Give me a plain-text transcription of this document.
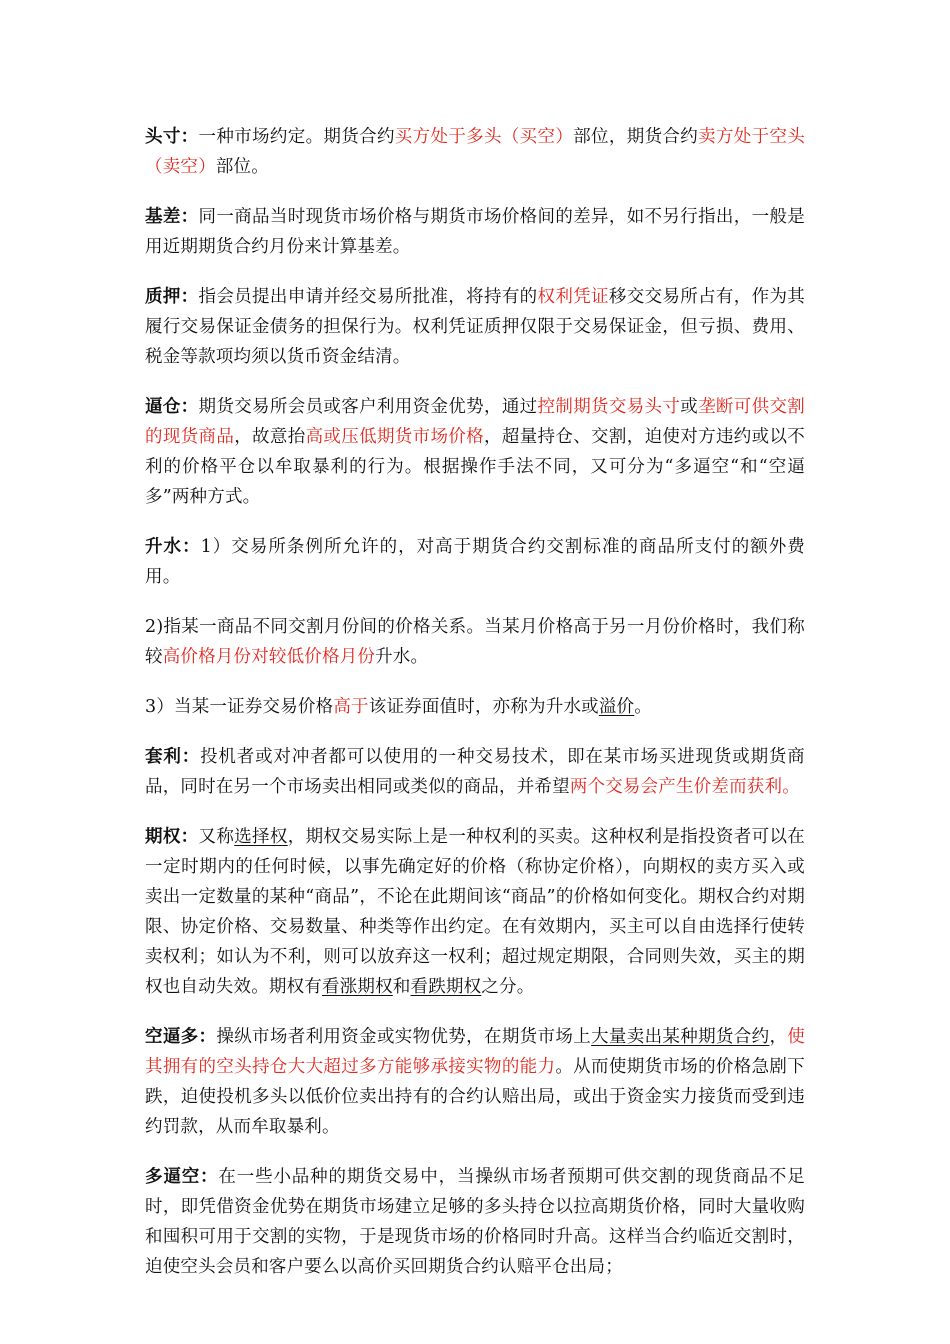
头寸：一种市场约定。期货合约买方处于多头（买空）部位，期货合约卖方处于空头（卖空）部位。

基差：同一商品当时现货市场价格与期货市场价格间的差异，如不另行指出，一般是用近期期货合约月份来计算基差。

质押：指会员提出申请并经交易所批准，将持有的权利凭证移交交易所占有，作为其履行交易保证金债务的担保行为。权利凭证质押仅限于交易保证金，但亏损、费用、税金等款项均须以货币资金结清。

逼仓：期货交易所会员或客户利用资金优势，通过控制期货交易头寸或垄断可供交割的现货商品，故意抬高或压低期货市场价格，超量持仓、交割，迫使对方违约或以不利的价格平仓以牟取暴利的行为。根据操作手法不同，又可分为“多逼空“和“空逼多”两种方式。

升水：1）交易所条例所允许的，对高于期货合约交割标准的商品所支付的额外费用。

2)指某一商品不同交割月份间的价格关系。当某月价格高于另一月份价格时，我们称较高价格月份对较低价格月份升水。

3）当某一证券交易价格高于该证券面值时，亦称为升水或溢价。

套利：投机者或对冲者都可以使用的一种交易技术，即在某市场买进现货或期货商品，同时在另一个市场卖出相同或类似的商品，并希望两个交易会产生价差而获利。

期权：又称选择权，期权交易实际上是一种权利的买卖。这种权利是指投资者可以在一定时期内的任何时候，以事先确定好的价格（称协定价格），向期权的卖方买入或卖出一定数量的某种“商品”，不论在此期间该“商品”的价格如何变化。期权合约对期限、协定价格、交易数量、种类等作出约定。在有效期内，买主可以自由选择行使转卖权利；如认为不利，则可以放弃这一权利；超过规定期限，合同则失效，买主的期权也自动失效。期权有看涨期权和看跌期权之分。

空逼多：操纵市场者利用资金或实物优势，在期货市场上大量卖出某种期货合约，使其拥有的空头持仓大大超过多方能够承接实物的能力。从而使期货市场的价格急剧下跌，迫使投机多头以低价位卖出持有的合约认赔出局，或出于资金实力接货而受到违约罚款，从而牟取暴利。

多逼空：在一些小品种的期货交易中，当操纵市场者预期可供交割的现货商品不足时，即凭借资金优势在期货市场建立足够的多头持仓以拉高期货价格，同时大量收购和囤积可用于交割的实物，于是现货市场的价格同时升高。这样当合约临近交割时，迫使空头会员和客户要么以高价买回期货合约认赔平仓出局；
